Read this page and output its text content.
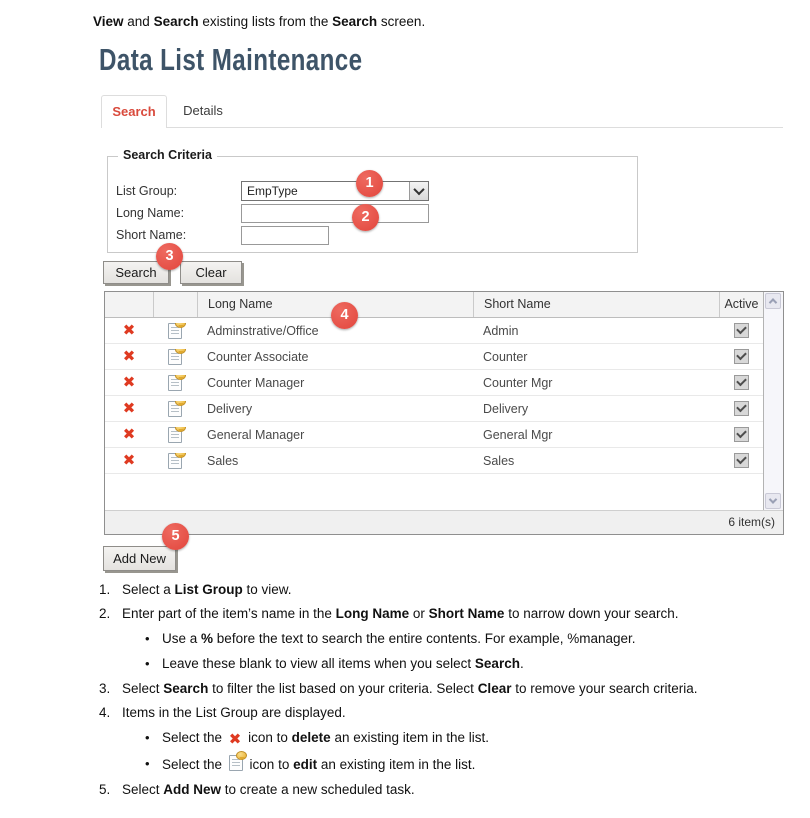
View and Search existing lists from the Search screen.

Data List Maintenance
Search	Details
Search Criteria
List Group:	EmpType
Long Name:
Short Name:
Search	Clear
Long Name	Short Name	Active
✖	Adminstrative/Office	Admin
✖	Counter Associate	Counter
✖	Counter Manager	Counter Mgr
✖	Delivery	Delivery
✖	General Manager	General Mgr
✖	Sales	Sales
6 item(s)
Add New
1
2
3
4
5
1. Select a List Group to view.
2. Enter part of the item’s name in the Long Name or Short Name to narrow down your search.
• Use a % before the text to search the entire contents. For example, %manager.
• Leave these blank to view all items when you select Search.
3. Select Search to filter the list based on your criteria. Select Clear to remove your search criteria.
4. Items in the List Group are displayed.
• Select the ✖ icon to delete an existing item in the list.
• Select the
icon to edit an existing item in the list.
5. Select Add New to create a new scheduled task.
